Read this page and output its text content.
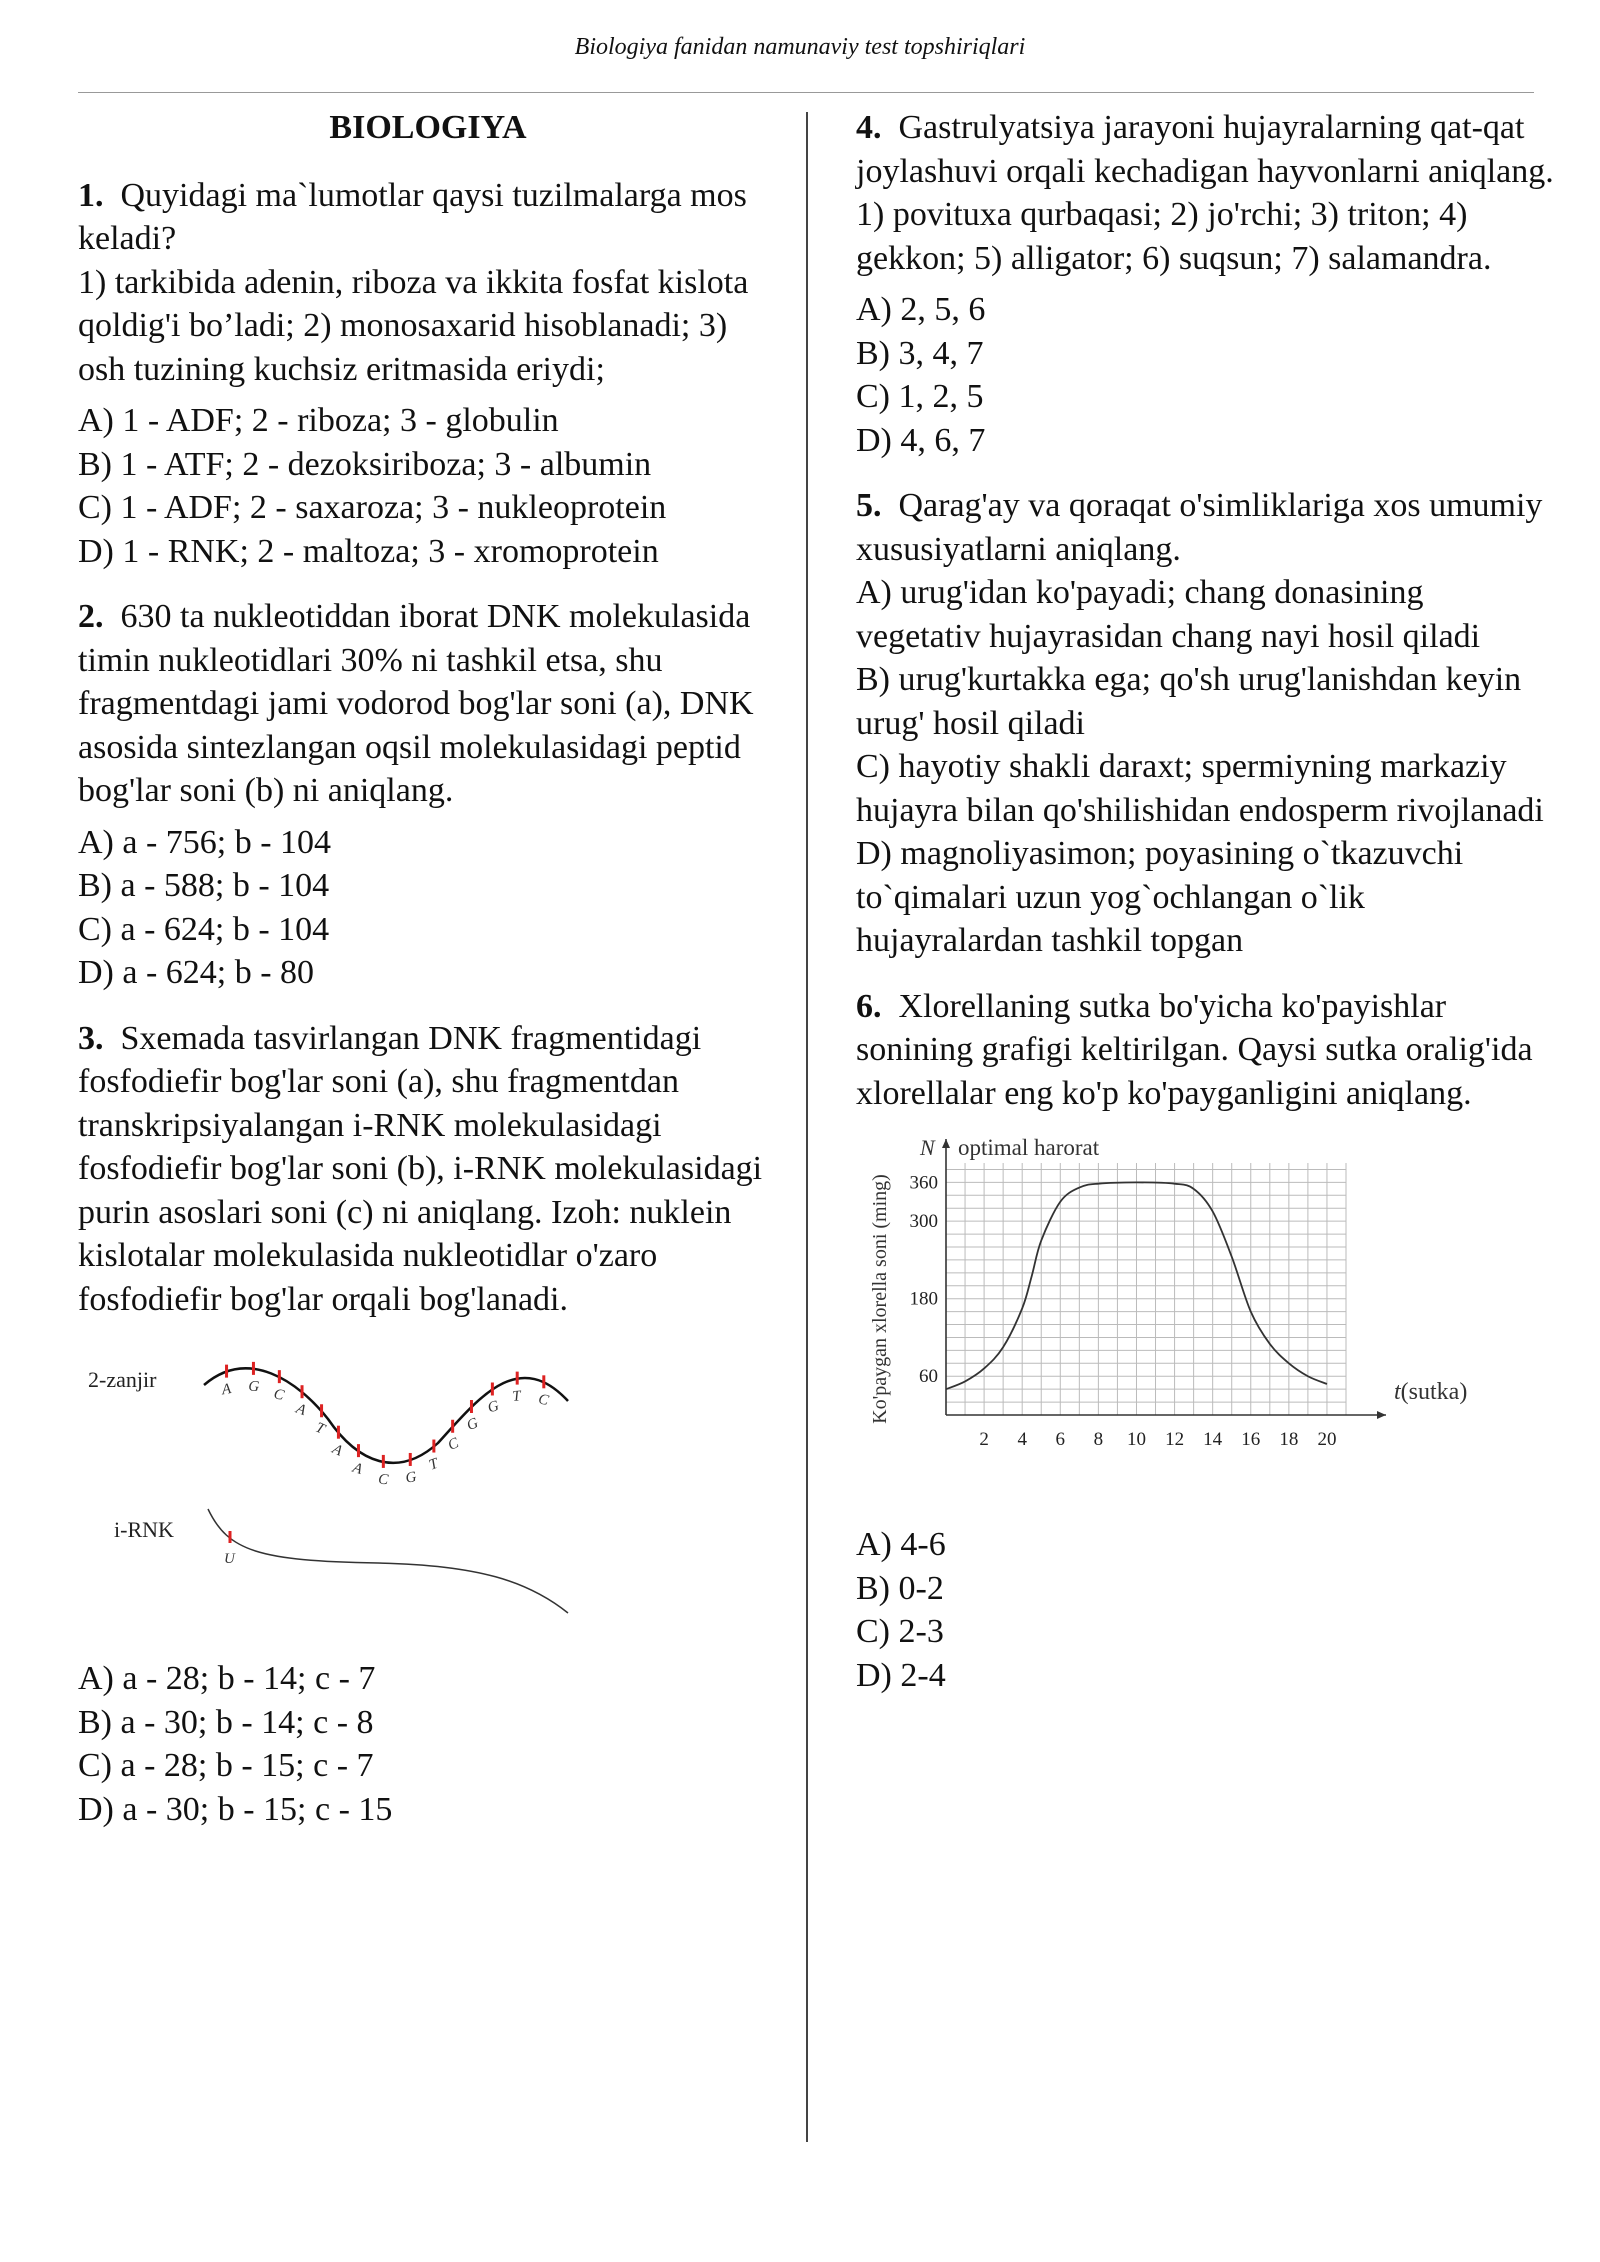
Biologiya fanidan namunaviy test topshiriqlari
BIOLOGIYA

1. Quyidagi ma`lumotlar qaysi tuzilmalarga mos keladi?

1) tarkibida adenin, riboza va ikkita fosfat kislota qoldig'i bo’ladi; 2) monosaxarid hisoblanadi; 3) osh tuzining kuchsiz eritmasida eriydi;

A) 1 - ADF; 2 - riboza; 3 - globulin
B) 1 - ATF; 2 - dezoksiriboza; 3 - albumin
C) 1 - ADF; 2 - saxaroza; 3 - nukleoprotein
D) 1 - RNK; 2 - maltoza; 3 - xromoprotein

2. 630 ta nukleotiddan iborat DNK molekulasida timin nukleotidlari 30% ni tashkil etsa, shu fragmentdagi jami vodorod bog'lar soni (a), DNK asosida sintezlangan oqsil molekulasidagi peptid bog'lar soni (b) ni aniqlang.

A) a - 756; b - 104
B) a - 588; b - 104
C) a - 624; b - 104
D) a - 624; b - 80

3. Sxemada tasvirlangan DNK fragmentidagi fosfodiefir bog'lar soni (a), shu fragmentdan transkripsiyalangan i-RNK molekulasidagi fosfodiefir bog'lar soni (b), i-RNK molekulasidagi purin asoslari soni (c) ni aniqlang. Izoh: nuklein kislotalar molekulasida nukleotidlar o'zaro fosfodiefir bog'lar orqali bog'lanadi.

2-zanjir	A G C
A
T
A
A
C G
T
C
G
G
T C
i-RNK
U
A) a - 28; b - 14; c - 7
B) a - 30; b - 14; c - 8
C) a - 28; b - 15; c - 7
D) a - 30; b - 15; c - 15

4. Gastrulyatsiya jarayoni hujayralarning qat-qat joylashuvi orqali kechadigan hayvonlarni aniqlang.

1) povituxa qurbaqasi; 2) jo'rchi; 3) triton; 4) gekkon; 5) alligator; 6) suqsun; 7) salamandra.

A) 2, 5, 6
B) 3, 4, 7
C) 1, 2, 5
D) 4, 6, 7

5. Qarag'ay va qoraqat o'simliklariga xos umumiy xususiyatlarni aniqlang.

A) urug'idan ko'payadi; chang donasining vegetativ hujayrasidan chang nayi hosil qiladi
B) urug'kurtakka ega; qo'sh urug'lanishdan keyin urug' hosil qiladi
C) hayotiy shakli daraxt; spermiyning markaziy hujayra bilan qo'shilishidan endosperm rivojlanadi
D) magnoliyasimon; poyasining o`tkazuvchi to`qimalari uzun yog`ochlangan o`lik hujayralardan tashkil topgan

6. Xlorellaning sutka bo'yicha ko'payishlar sonining grafigi keltirilgan. Qaysi sutka oralig'ida xlorellalar eng ko'p ko'payganligini aniqlang.

2 4 6 8 10 12 14 16 18 20
60
180
300
360
N optimal harorat
t(sutka)
Ko'paygan xlorella soni (ming)
A) 4-6
B) 0-2
C) 2-3
D) 2-4
